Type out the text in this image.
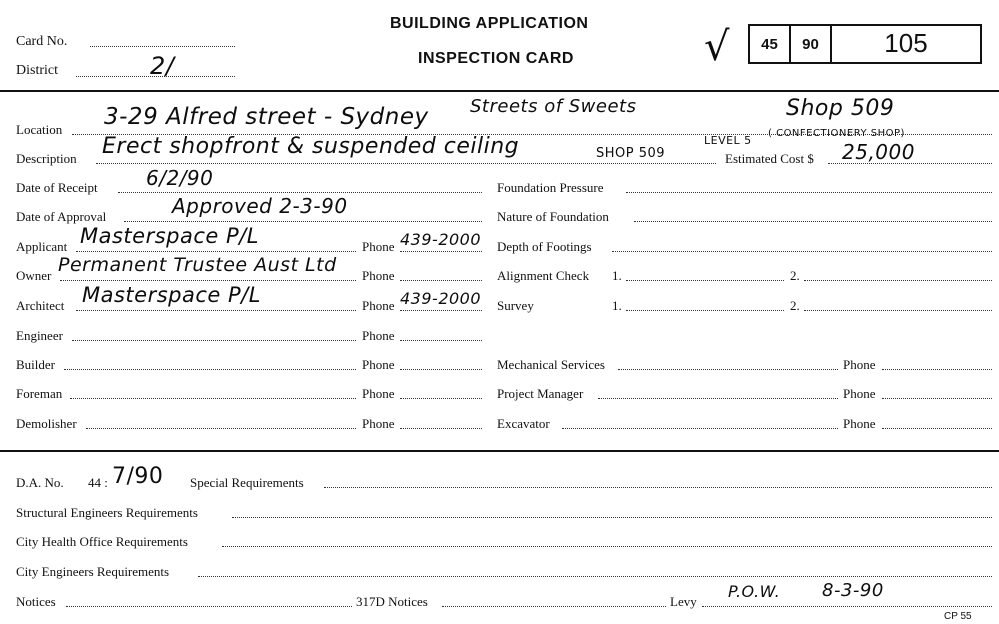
Card No.
District	2/
BUILDING APPLICATION
INSPECTION CARD	√	45	90	105
Location 3-29 Alfred street - Sydney Streets of Sweets	Shop 509
Description Erect shopfront & suspended ceiling	SHOP 509
LEVEL 5
( CONFECTIONERY SHOP)
Estimated Cost $ 25,000
Date of Receipt 6/2/90
Date of Approval	Approved 2-3-90
Applicant Masterspace P/L	Phone 439-2000
Owner Permanent Trustee Aust Ltd Phone
Architect Masterspace P/L	Phone 439-2000
Engineer	Phone
Builder	Phone
Foreman	Phone
Demolisher	Phone
Foundation Pressure
Nature of Foundation
Depth of Footings
Alignment Check 1.	2.
Survey	1.	2.
Mechanical Services	Phone
Project Manager	Phone
Excavator	Phone
D.A. No. 44 : 7/90 Special Requirements
Structural Engineers Requirements
City Health Office Requirements
City Engineers Requirements
Notices	317D Notices	Levy
P.O.W. 8-3-90
CP 55
